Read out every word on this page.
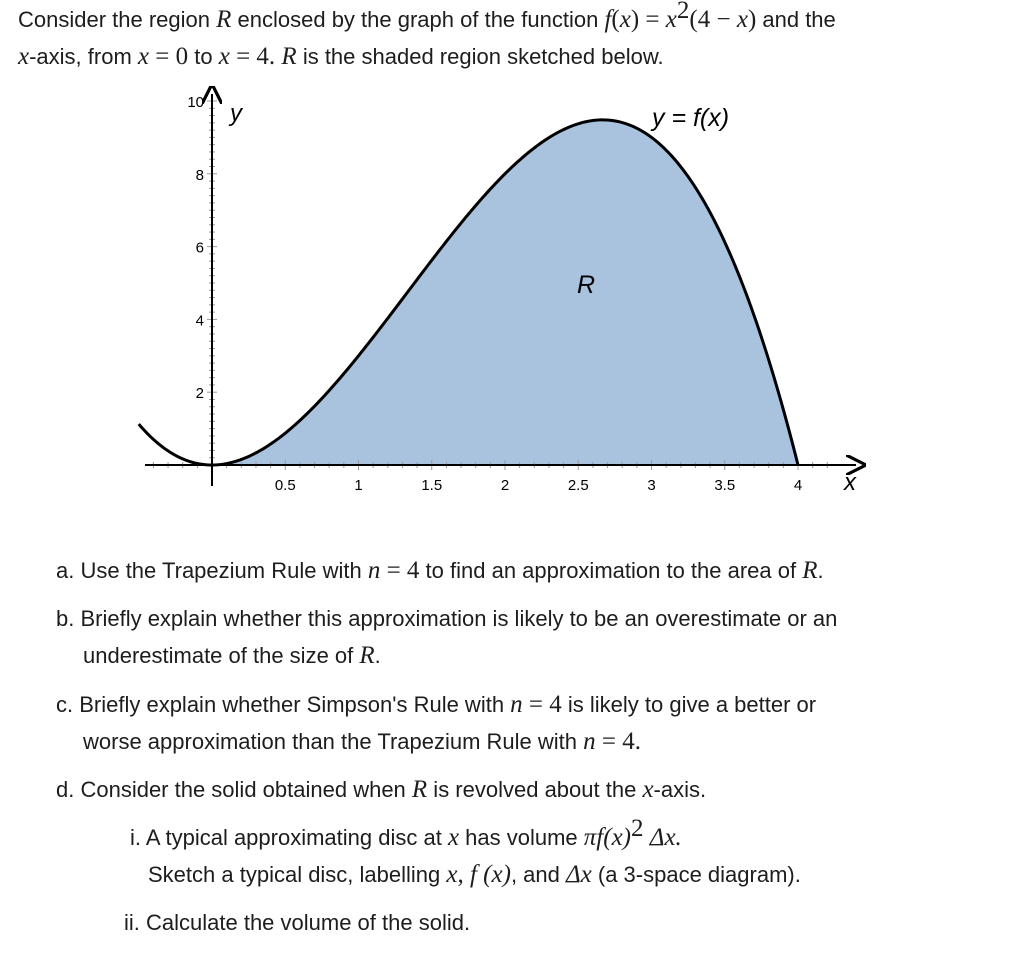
Consider the region R enclosed by the graph of the function $f(x) = x^2(4 - x)$ and the
x-axis, from x = 0 to x = 4. R is the shaded region sketched below.
10
8
6
4
2
0.5	1	1.5	2	2.5	3	3.5	4
y
x
y = f(x)
R
a. Use the Trapezium Rule with n = 4 to find an approximation to the area of R.
b. Briefly explain whether this approximation is likely to be an overestimate or an
underestimate of the size of R.
c. Briefly explain whether Simpson's Rule with n = 4 is likely to give a better or
worse approximation than the Trapezium Rule with n = 4.
d. Consider the solid obtained when R is revolved about the x-axis.
i. A typical approximating disc at x has volume $\pi f(x)^2$ Δx.
Sketch a typical disc, labelling x, f (x), and Δx (a 3-space diagram).
ii. Calculate the volume of the solid.
